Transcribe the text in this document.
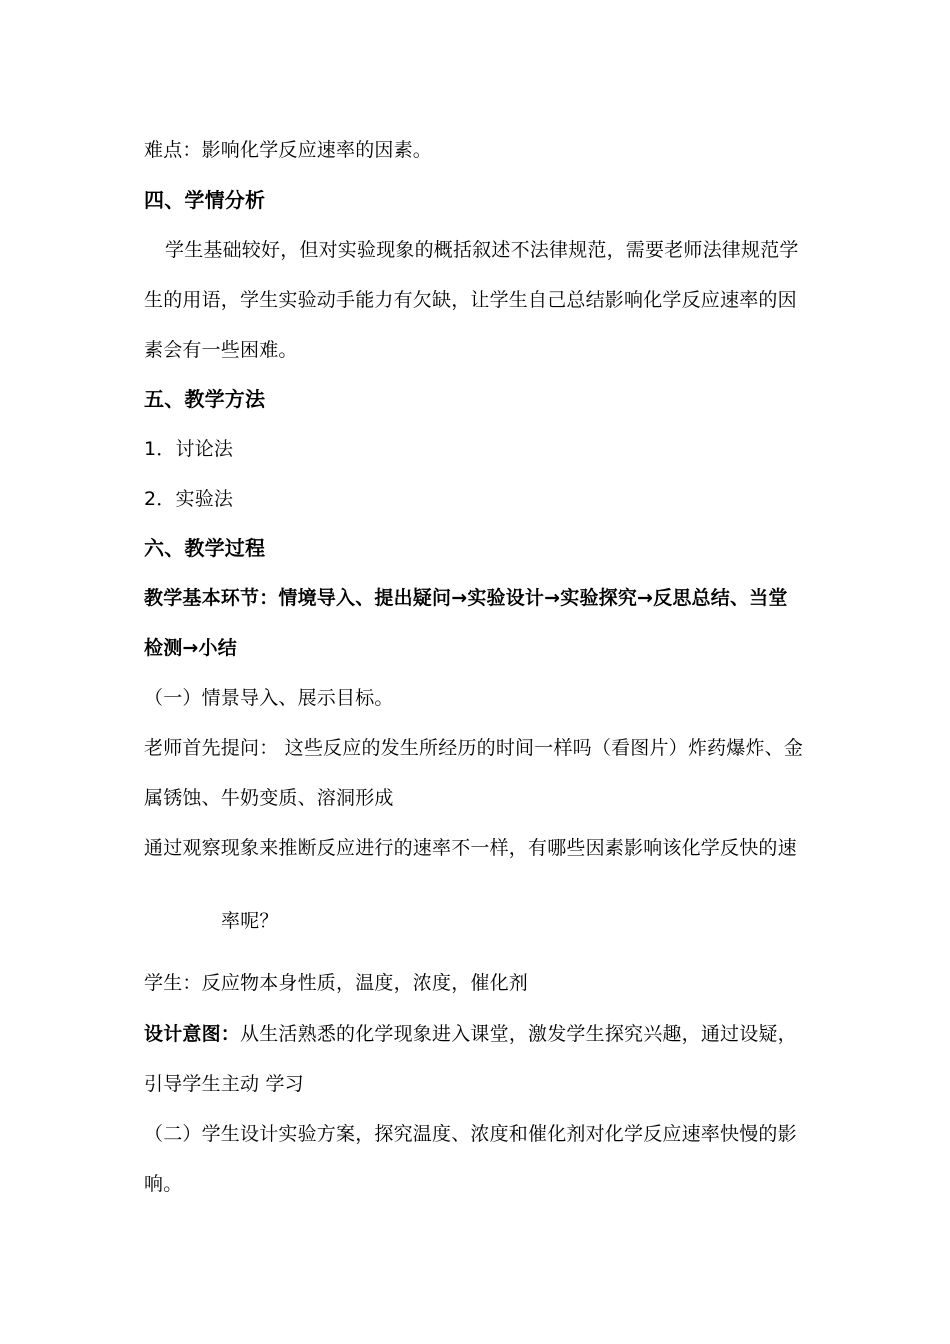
难点：影响化学反应速率的因素。

四、学情分析

学生基础较好，但对实验现象的概括叙述不法律规范，需要老师法律规范学

生的用语，学生实验动手能力有欠缺，让学生自己总结影响化学反应速率的因

素会有一些困难。

五、教学方法

1．讨论法

2．实验法

六、教学过程

教学基本环节：情境导入、提出疑问→实验设计→实验探究→反思总结、当堂

检测→小结

（一）情景导入、展示目标。

老师首先提问： 这些反应的发生所经历的时间一样吗（看图片）炸药爆炸、金

属锈蚀、牛奶变质、溶洞形成

通过观察现象来推断反应进行的速率不一样，有哪些因素影响该化学反快的速

率呢？

学生：反应物本身性质，温度，浓度，催化剂

设计意图：从生活熟悉的化学现象进入课堂，激发学生探究兴趣，通过设疑，

引导学生主动 学习

（二）学生设计实验方案，探究温度、浓度和催化剂对化学反应速率快慢的影

响。
